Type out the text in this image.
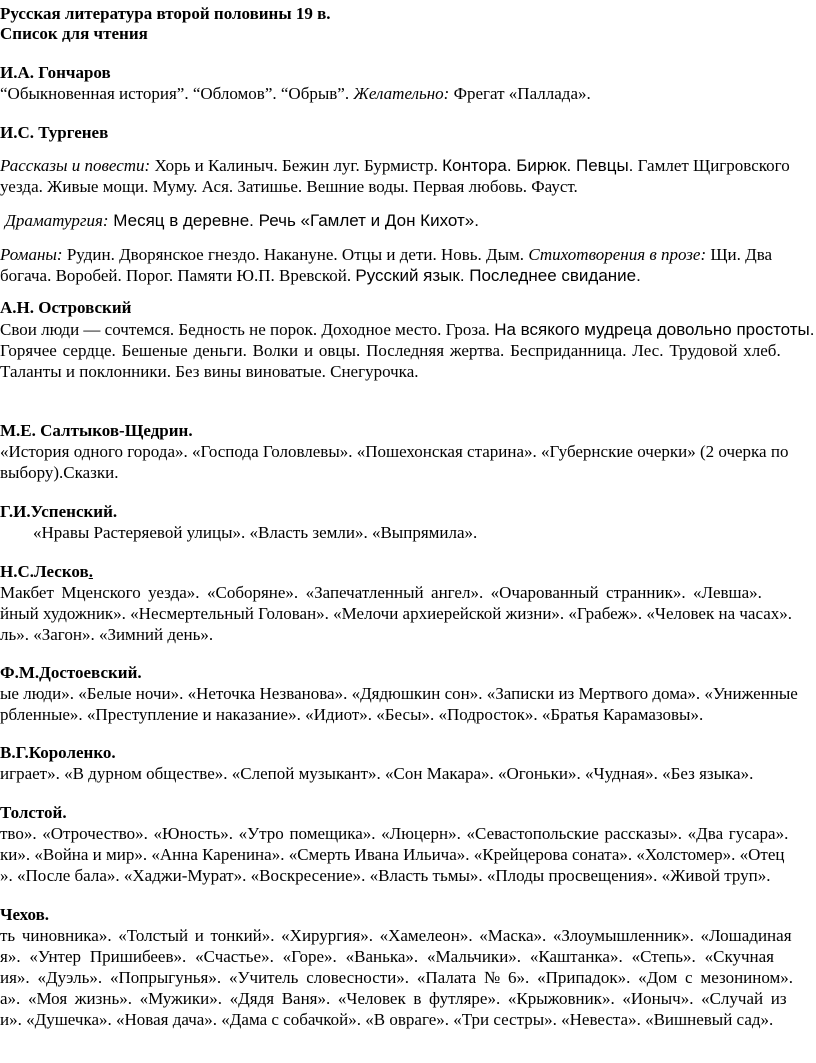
Русская литература второй половины 19 в.
Список для чтения
И.А. Гончаров
“Обыкновенная история”. “Обломов”. “Обрыв”. Желательно: Фрегат «Паллада».
И.С. Тургенев
Рассказы и повести: Хорь и Калиныч. Бежин луг. Бурмистр. Контора. Бирюк. Певцы. Гамлет Щигровского
уезда. Живые мощи. Муму. Ася. Затишье. Вешние воды. Первая любовь. Фауст.
Драматургия: Месяц в деревне. Речь «Гамлет и Дон Кихот».
Романы: Рудин. Дворянское гнездо. Накануне. Отцы и дети. Новь. Дым. Стихотворения в прозе: Щи. Два
богача. Воробей. Порог. Памяти Ю.П. Вревской. Русский язык. Последнее свидание.
А.Н. Островский
Свои люди — сочтемся. Бедность не порок. Доходное место. Гроза. На всякого мудреца довольно простоты.
Горячее сердце. Бешеные деньги. Волки и овцы. Последняя жертва. Бесприданница. Лес. Трудовой хлеб.
Таланты и поклонники. Без вины виноватые. Снегурочка.
М.Е. Салтыков-Щедрин.
«История одного города». «Господа Головлевы». «Пошехонская старина». «Губернские очерки» (2 очерка по
выбору).Сказки.
Г.И.Успенский.
«Нравы Растеряевой улицы». «Власть земли». «Выпрямила».
Н.С.Лесков.
Макбет Мценского уезда». «Соборяне». «Запечатленный ангел». «Очарованный странник». «Левша».
йный художник». «Несмертельный Голован». «Мелочи архиерейской жизни». «Грабеж». «Человек на часах».
ль». «Загон». «Зимний день».
Ф.М.Достоевский.
ые люди». «Белые ночи». «Неточка Незванова». «Дядюшкин сон». «Записки из Мертвого дома». «Униженные
рбленные». «Преступление и наказание». «Идиот». «Бесы». «Подросток». «Братья Карамазовы».
В.Г.Короленко.
играет». «В дурном обществе». «Слепой музыкант». «Сон Макара». «Огоньки». «Чудная». «Без языка».
Толстой.
тво». «Отрочество». «Юность». «Утро помещика». «Люцерн». «Севастопольские рассказы». «Два гусара».
ки». «Война и мир». «Анна Каренина». «Смерть Ивана Ильича». «Крейцерова соната». «Холстомер». «Отец
». «После бала». «Хаджи-Мурат». «Воскресение». «Власть тьмы». «Плоды просвещения». «Живой труп».
Чехов.
ть чиновника». «Толстый и тонкий». «Хирургия». «Хамелеон». «Маска». «Злоумышленник». «Лошадиная
я». «Унтер Пришибеев». «Счастье». «Горе». «Ванька». «Мальчики». «Каштанка». «Степь». «Скучная
ия». «Дуэль». «Попрыгунья». «Учитель словесности». «Палата № 6». «Припадок». «Дом с мезонином».
а». «Моя жизнь». «Мужики». «Дядя Ваня». «Человек в футляре». «Крыжовник». «Ионыч». «Случай из
и». «Душечка». «Новая дача». «Дама с собачкой». «В овраге». «Три сестры». «Невеста». «Вишневый сад».
